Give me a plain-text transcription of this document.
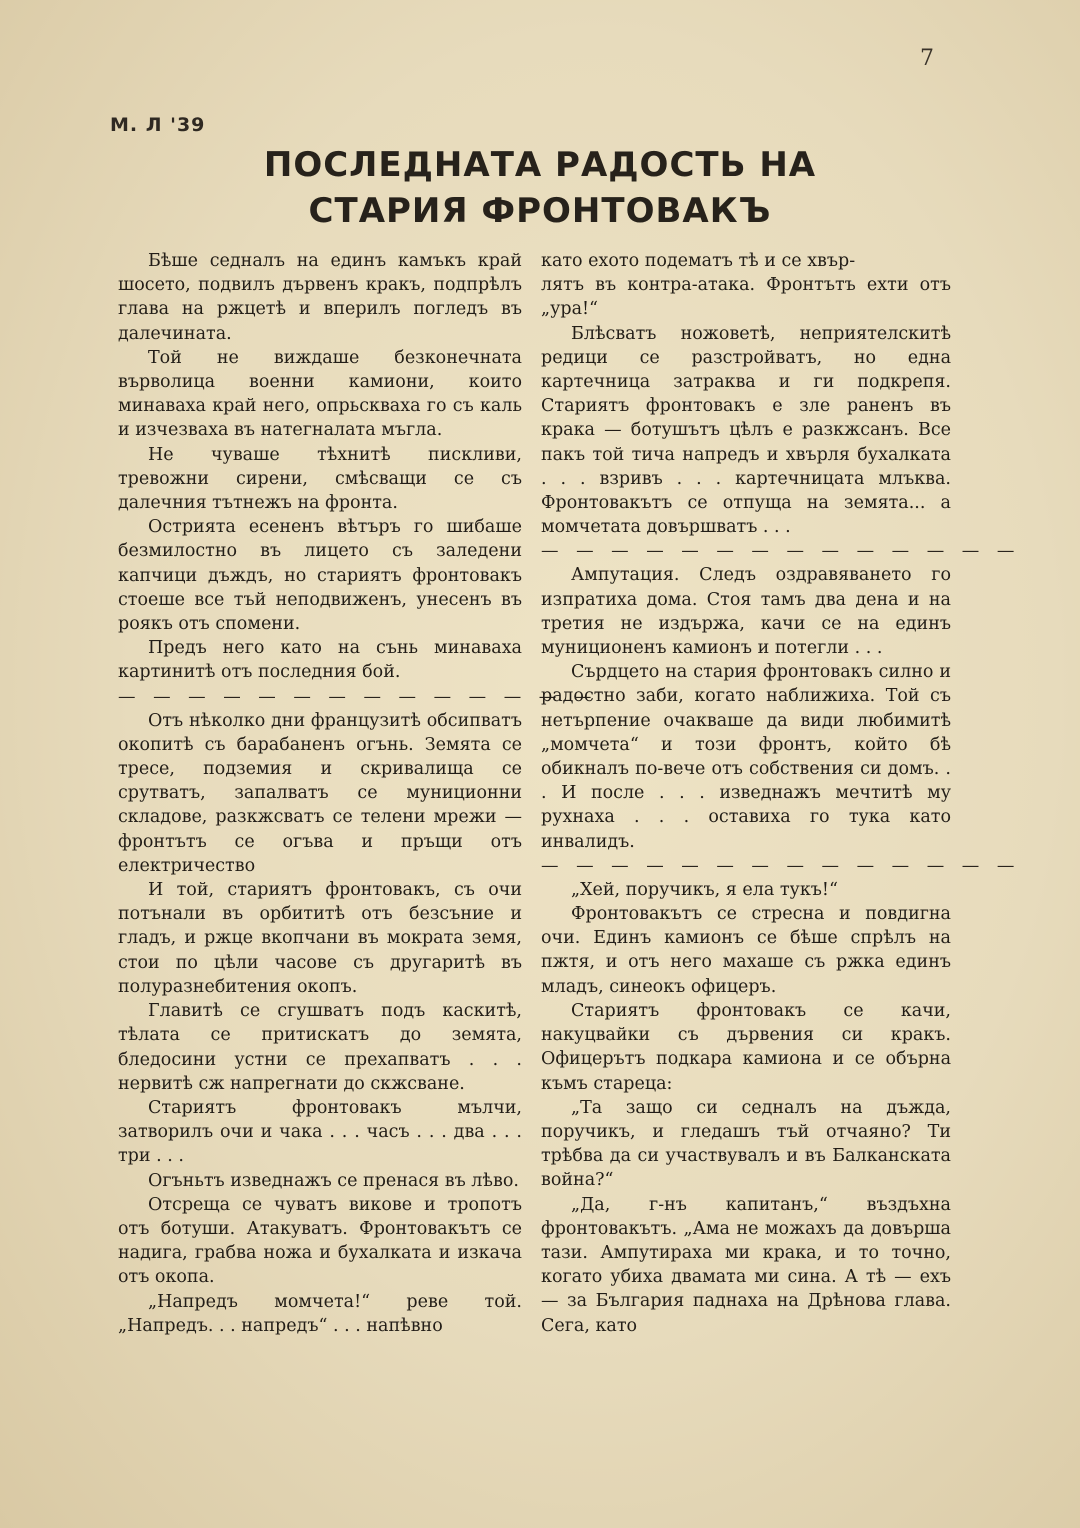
7
М. Л '39
ПОСЛЕДНАТА РАДОСТЬ НА
СТАРИЯ ФРОНТОВАКЪ

Бѣше седналъ на единъ камъкъ край шосето, подвилъ дървенъ кракъ, подпрѣлъ глава на ржцетѣ и вперилъ погледъ въ далечината.

Той не виждаше безконечната върволица военни камиони, които минаваха край него, опрьскваха го съ каль и изчезваха въ натегналата мъгла.

Не чуваше тѣхнитѣ пискливи, тревожни сирени, смѣсващи се съ далечния тътнежъ на фронта.

Острията есененъ вѣтъръ го шибаше безмилостно въ лицето съ заледени капчици дъждъ, но стариятъ фронтовакъ стоеше все тъй неподвиженъ, унесенъ въ роякъ отъ спомени.

Предъ него като на сънь минаваха картинитѣ отъ последния бой.

— — — — — — — — — — — — — —

Отъ нѣколко дни французитѣ обсипватъ окопитѣ съ барабаненъ огънь. Земята се тресе, подземия и скривалища се срутватъ, запалватъ се муниционни складове, разкжсватъ се телени мрежи — фронтътъ се огъва и пръщи отъ електричество

И той, стариятъ фронтовакъ, съ очи потънали въ орбититѣ отъ безсъние и гладъ, и ржце вкопчани въ мократа земя, стои по цѣли часове съ другаритѣ въ полуразнебитения окопъ.

Главитѣ се сгушватъ подъ каскитѣ, тѣлата се притискатъ до земята, бледосини устни се прехапватъ . . . нервитѣ сж напрегнати до скжсване.

Стариятъ фронтовакъ мълчи, затворилъ очи и чака . . . часъ . . . два . . . три . . .

Огъньтъ изведнажъ се пренася въ лѣво.

Отсреща се чуватъ викове и тропотъ отъ ботуши. Атакуватъ. Фронтовакътъ се надига, грабва ножа и бухалката и изкача отъ окопа.

„Напредъ момчета!“ реве той. „Напредъ. . . напредъ“ . . . напѣвно

като ехото подематъ тѣ и се хвър-

лятъ въ контра-атака. Фронтътъ ехти отъ „ура!“

Блѣсватъ ножоветѣ, неприятелскитѣ редици се разстройватъ, но една картечница затраква и ги подкрепя. Стариятъ фронтовакъ е зле раненъ въ крака — ботушътъ цѣлъ е разкжсанъ. Все пакъ той тича напредъ и хвърля бухалката . . . взривъ . . . картечницата млъква. Фронтовакътъ се отпуща на земята... а момчетата довършватъ . . .

— — — — — — — — — — — — — —

Ампутация. Следъ оздравяването го изпратиха дома. Стоя тамъ два дена и на третия не издържа, качи се на единъ муниционенъ камионъ и потегли . . .

Сърдцето на стария фронтовакъ силно и радостно заби, когато наближиха. Той съ нетърпение очакваше да види любимитѣ „момчета“ и този фронтъ, който бѣ обикналъ по-вече отъ собствения си домъ. . . И после . . . изведнажъ мечтитѣ му рухнаха . . . оставиха го тука като инвалидъ.

— — — — — — — — — — — — — —

„Хей, поручикъ, я ела тукъ!“

Фронтовакътъ се стресна и повдигна очи. Единъ камионъ се бѣше спрѣлъ на пжтя, и отъ него махаше съ ржка единъ младъ, синеокъ офицеръ.

Стариятъ фронтовакъ се качи, накуцвайки съ дървения си кракъ. Офицерътъ подкара камиона и се обърна къмъ стареца:

„Та защо си седналъ на дъжда, поручикъ, и гледашъ тъй отчаяно? Ти трѣбва да си участвувалъ и въ Балканската война?“

„Да, г-нъ капитанъ,“ въздъхна фронтовакътъ. „Ама не можахъ да довърша тази. Ампутираха ми крака, и то точно, когато убиха двамата ми сина. А тѣ — ехъ — за България паднаха на Дрѣнова глава. Сега, като
